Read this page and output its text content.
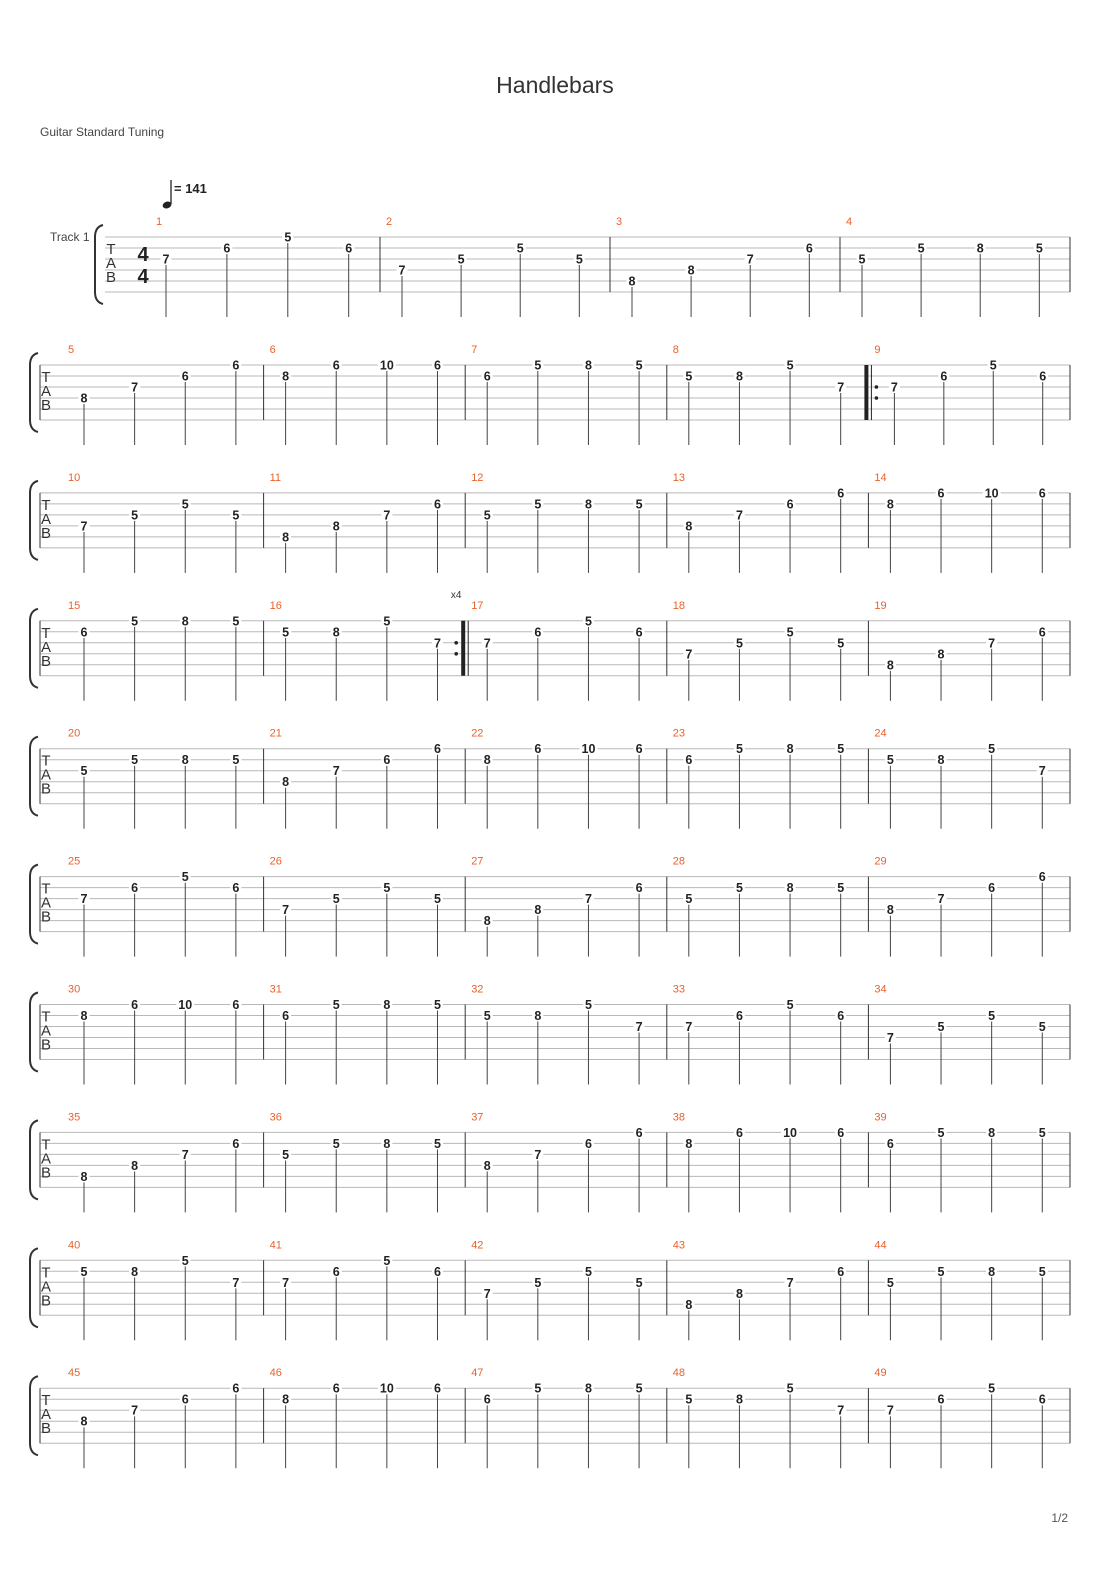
Handlebars
Guitar Standard Tuning
T
A
B
Track 1
4
4
= 141
1
7
6
5
6
2
7
5
5
5
3
8
8
7
6
4
5
5	8	5
T
A
B
5
8
7
6
6
6
8
6	10	6
7
6
5	8	5
8
5	8
5
7
9
7
6
5
6
T
A
B
10
7
5
5
5
11
8
8
7
6
12
5
5	8	5
13
8
7
6
6
14
8
6	10	6
T
A
B
15
6
5	8	5
16
5	8
5
7
x4
17
7
6
5
6
18
7
5
5
5
19
8
8
7
6
T
A
B
20
5
5	8	5
21
8
7
6
6
22
8
6	10	6
23
6
5	8	5
24
5	8
5
7
T
A
B
25
7
6
5
6
26
7
5
5
5
27
8
8
7
6
28
5
5	8	5
29
8
7
6
6
T
A
B
30
8
6	10	6
31
6
5	8	5
32
5	8
5
7
33
7
6
5
6
34
7
5
5
5
T
A
B
35
8
8
7
6
36
5
5	8	5
37
8
7
6
6
38
8
6	10	6
39
6
5	8	5
T
A
B
40
5	8
5
7
41
7
6
5
6
42
7
5
5
5
43
8
8
7
6
44
5
5	8	5
T
A
B
45
8
7
6
6
46
8
6	10	6
47
6
5	8	5
48
5	8
5
7
49
7
6
5
6
1/2
